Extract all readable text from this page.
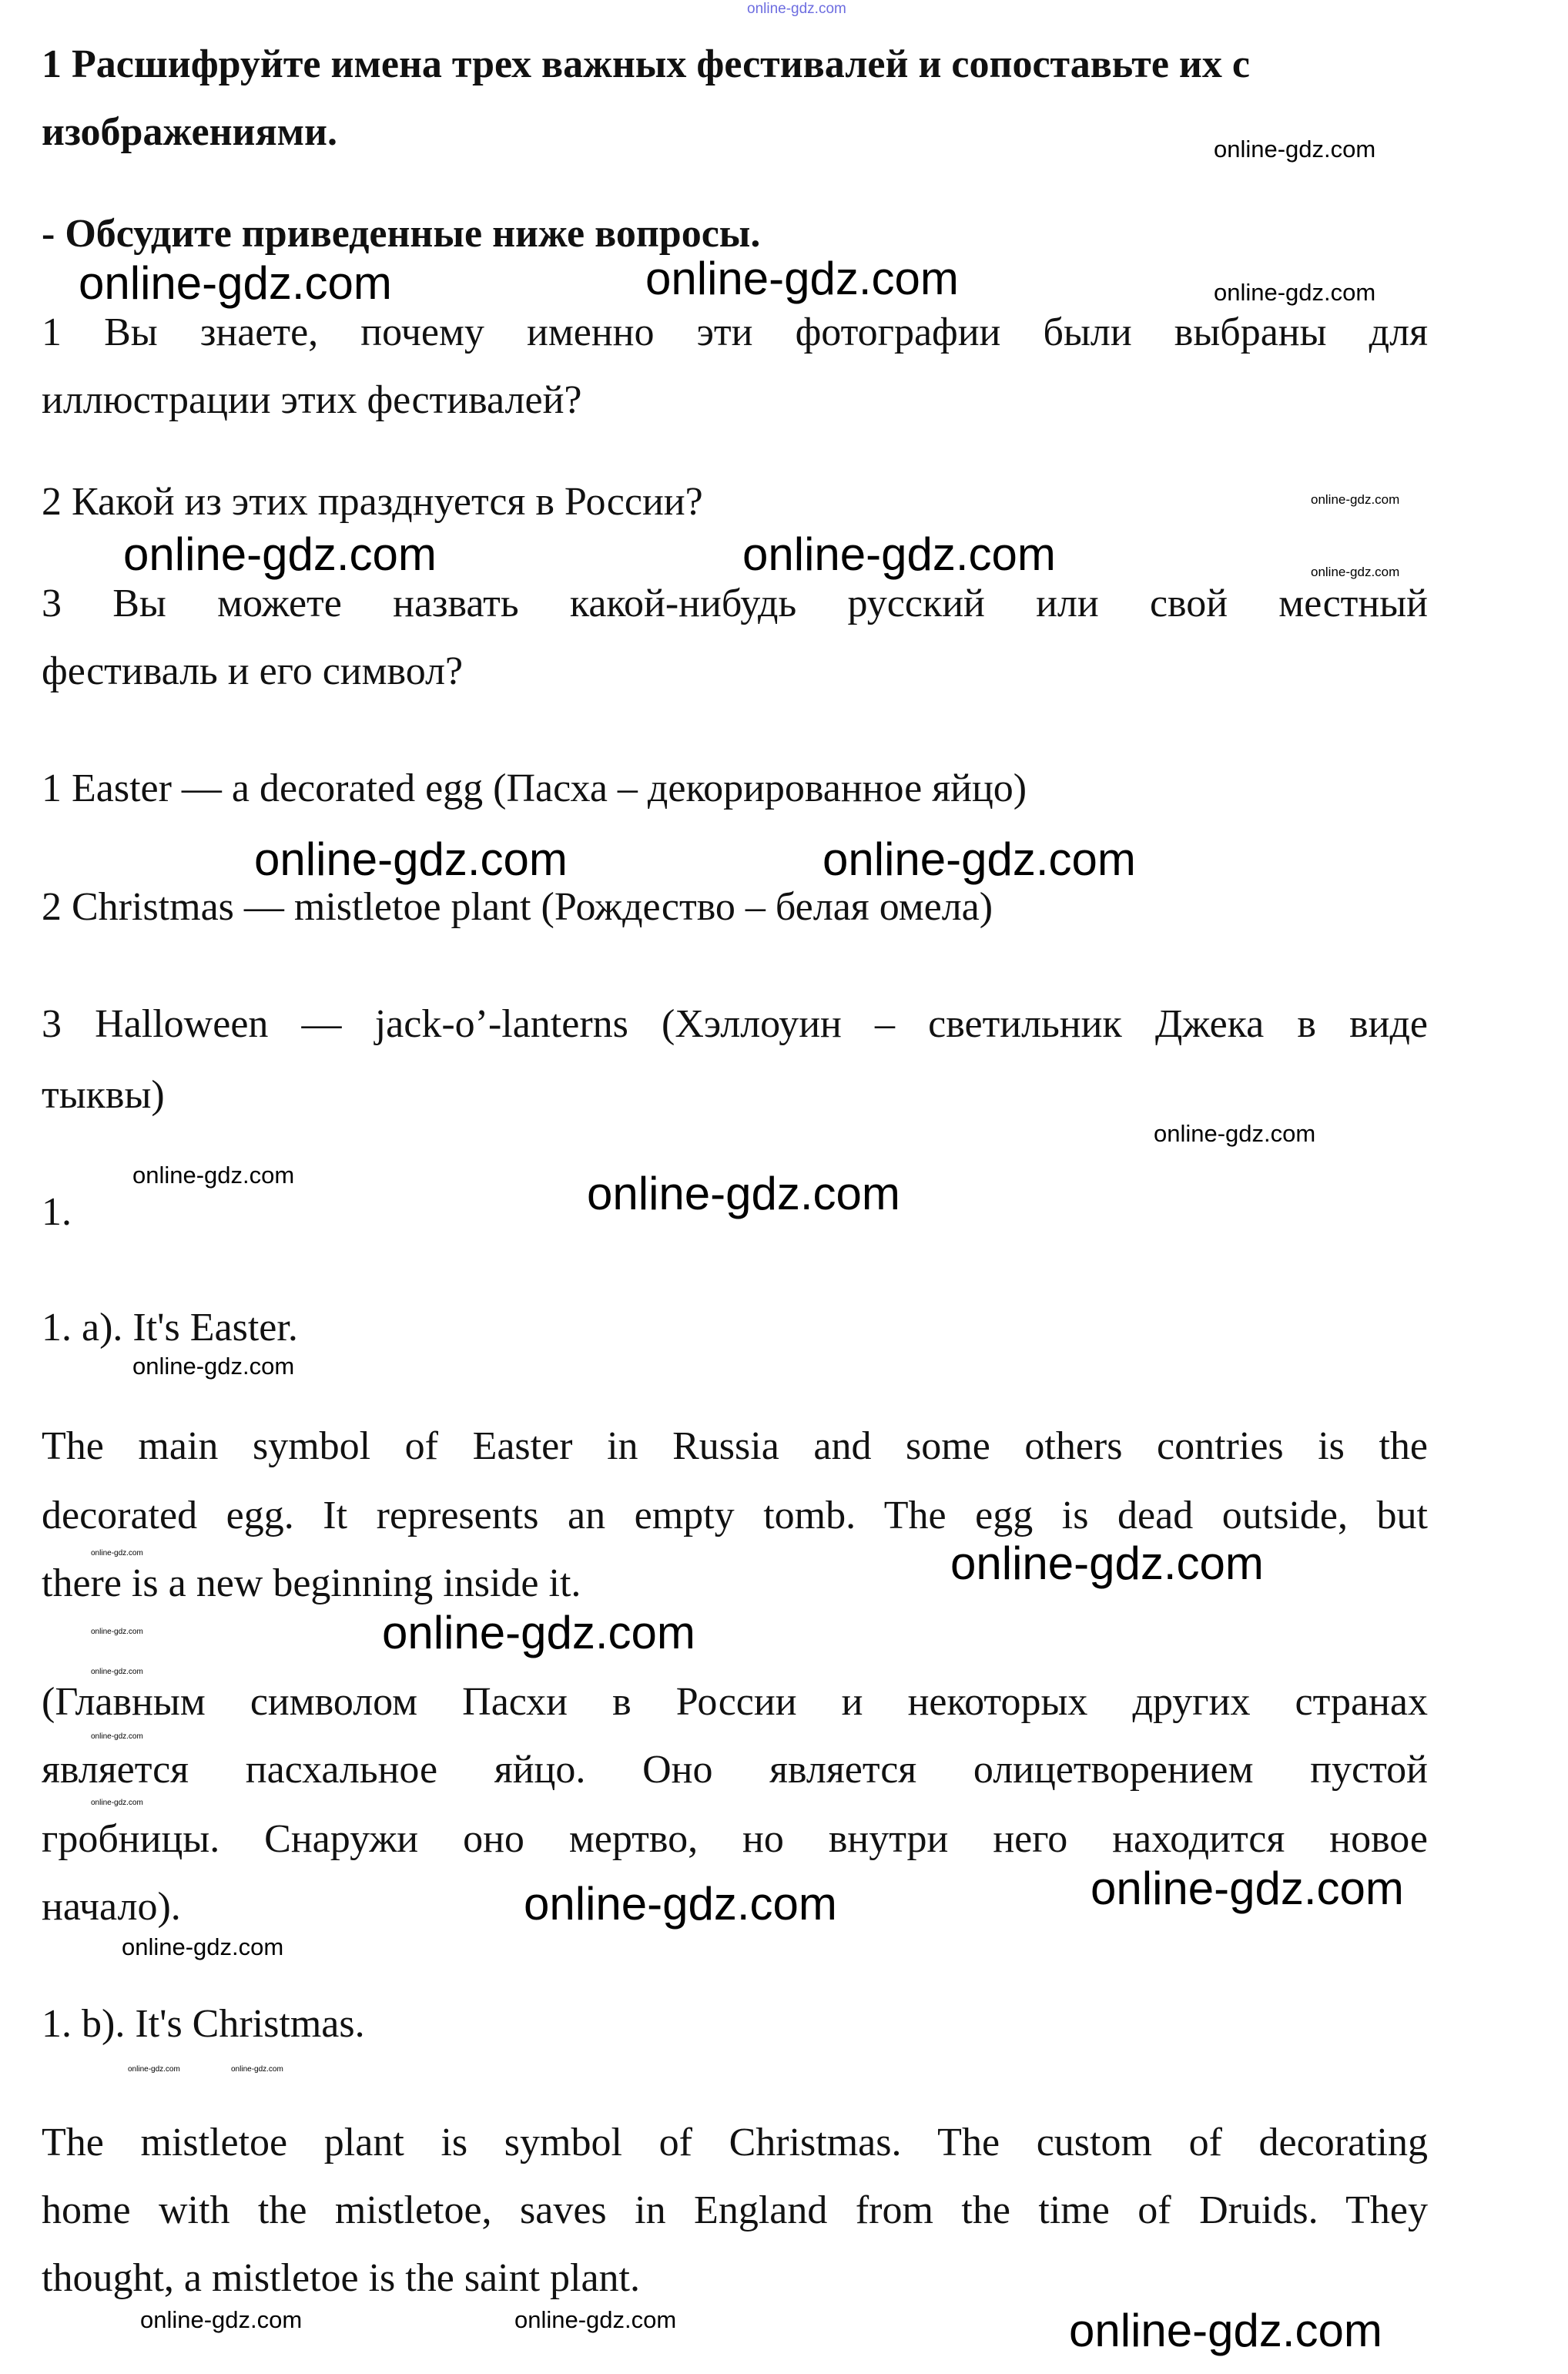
1 Расшифруйте имена трех важных фестивалей и сопоставьте их с
изображениями.
- Обсудите приведенные ниже вопросы.
1 Вы знаете, почему именно эти фотографии были выбраны для
иллюстрации этих фестивалей?
2 Какой из этих празднуется в России?
3 Вы можете назвать какой-нибудь русский или свой местный
фестиваль и его символ?
1 Easter — a decorated egg (Пасха – декорированное яйцо)
2 Christmas — mistletoe plant (Рождество – белая омела)
3 Halloween — jack-o’-lanterns (Хэллоуин – светильник Джека в виде
тыквы)
1.
1. a). It's Easter.
The main symbol of Easter in Russia and some others contries is the
decorated egg. It represents an empty tomb. The egg is dead outside, but
there is a new beginning inside it.
(Главным символом Пасхи в России и некоторых других странах
является пасхальное яйцо. Оно является олицетворением пустой
гробницы. Снаружи оно мертво, но внутри него находится новое
начало).
1. b). It's Christmas.
The mistletoe plant is symbol of Christmas. The custom of decorating
home with the mistletoe, saves in England from the time of Druids. They
thought, a mistletoe is the saint plant.
online-gdz.com
online-gdz.com
online-gdz.com	online-gdz.com	online-gdz.com
online-gdz.com
online-gdz.com	online-gdz.com	online-gdz.com
online-gdz.com	online-gdz.com
online-gdz.com
online-gdz.com	online-gdz.com
online-gdz.com
online-gdz.com	online-gdz.com
online-gdz.com	online-gdz.com
online-gdz.com
online-gdz.com
online-gdz.com
online-gdz.com
online-gdz.com
online-gdz.com
online-gdz.com	online-gdz.com
online-gdz.com	online-gdz.com	online-gdz.com
